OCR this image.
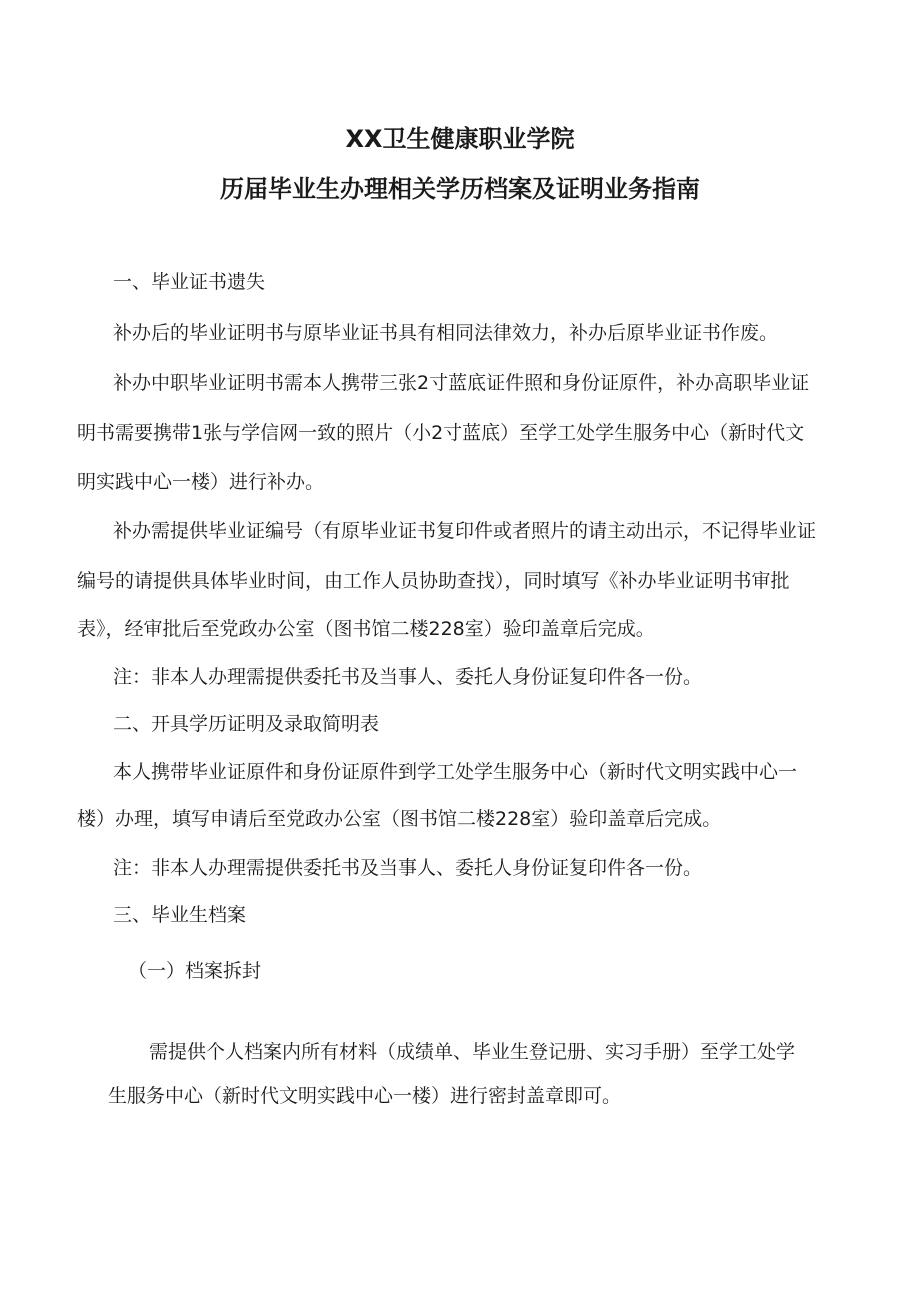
XX卫生健康职业学院
历届毕业生办理相关学历档案及证明业务指南

一、毕业证书遗失

补办后的毕业证明书与原毕业证书具有相同法律效力，补办后原毕业证书作废。

补办中职毕业证明书需本人携带三张2寸蓝底证件照和身份证原件，补办高职毕业证

明书需要携带1张与学信网一致的照片（小2寸蓝底）至学工处学生服务中心（新时代文

明实践中心一楼）进行补办。

补办需提供毕业证编号（有原毕业证书复印件或者照片的请主动出示，不记得毕业证

编号的请提供具体毕业时间，由工作人员协助查找），同时填写《补办毕业证明书审批

表》，经审批后至党政办公室（图书馆二楼228室）验印盖章后完成。

注：非本人办理需提供委托书及当事人、委托人身份证复印件各一份。

二、开具学历证明及录取简明表

本人携带毕业证原件和身份证原件到学工处学生服务中心（新时代文明实践中心一

楼）办理，填写申请后至党政办公室（图书馆二楼228室）验印盖章后完成。

注：非本人办理需提供委托书及当事人、委托人身份证复印件各一份。

三、毕业生档案

（一）档案拆封

需提供个人档案内所有材料（成绩单、毕业生登记册、实习手册）至学工处学

生服务中心（新时代文明实践中心一楼）进行密封盖章即可。
